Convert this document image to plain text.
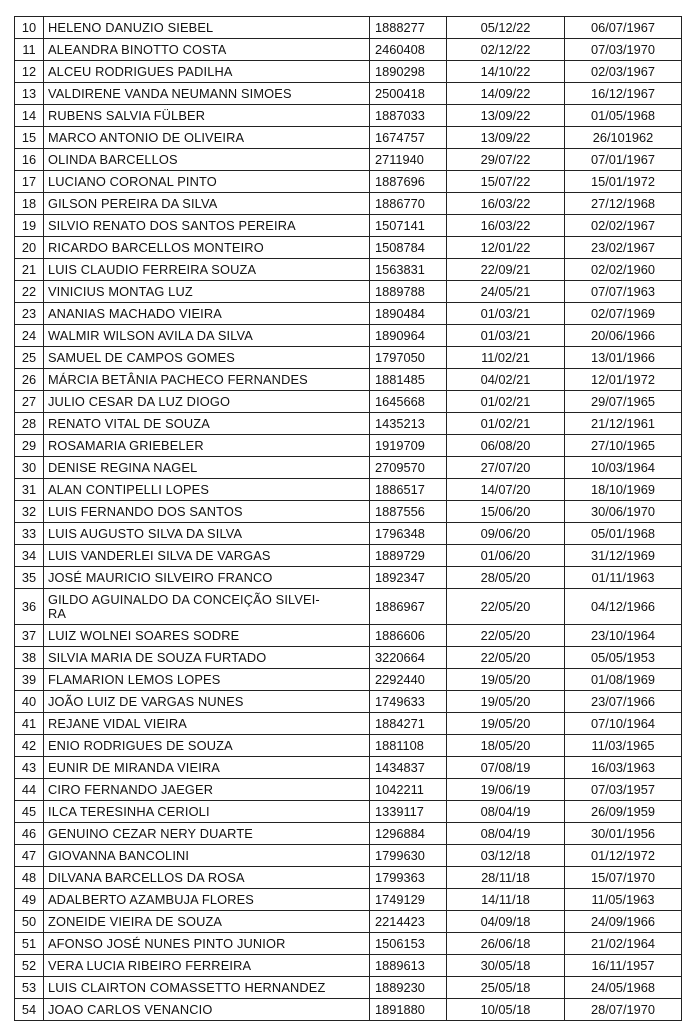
10	HELENO DANUZIO SIEBEL	1888277	05/12/22	06/07/1967
11	ALEANDRA BINOTTO COSTA	2460408	02/12/22	07/03/1970
12	ALCEU RODRIGUES PADILHA	1890298	14/10/22	02/03/1967
13	VALDIRENE VANDA NEUMANN SIMOES	2500418	14/09/22	16/12/1967
14	RUBENS SALVIA FÜLBER	1887033	13/09/22	01/05/1968
15	MARCO ANTONIO DE OLIVEIRA	1674757	13/09/22	26/101962
16	OLINDA BARCELLOS	2711940	29/07/22	07/01/1967
17	LUCIANO CORONAL PINTO	1887696	15/07/22	15/01/1972
18	GILSON PEREIRA DA SILVA	1886770	16/03/22	27/12/1968
19	SILVIO RENATO DOS SANTOS PEREIRA	1507141	16/03/22	02/02/1967
20	RICARDO BARCELLOS MONTEIRO	1508784	12/01/22	23/02/1967
21	LUIS CLAUDIO FERREIRA SOUZA	1563831	22/09/21	02/02/1960
22	VINICIUS MONTAG LUZ	1889788	24/05/21	07/07/1963
23	ANANIAS MACHADO VIEIRA	1890484	01/03/21	02/07/1969
24	WALMIR WILSON AVILA DA SILVA	1890964	01/03/21	20/06/1966
25	SAMUEL DE CAMPOS GOMES	1797050	11/02/21	13/01/1966
26	MÁRCIA BETÂNIA PACHECO FERNANDES	1881485	04/02/21	12/01/1972
27	JULIO CESAR DA LUZ DIOGO	1645668	01/02/21	29/07/1965
28	RENATO VITAL DE SOUZA	1435213	01/02/21	21/12/1961
29	ROSAMARIA GRIEBELER	1919709	06/08/20	27/10/1965
30	DENISE REGINA NAGEL	2709570	27/07/20	10/03/1964
31	ALAN CONTIPELLI LOPES	1886517	14/07/20	18/10/1969
32	LUIS FERNANDO DOS SANTOS	1887556	15/06/20	30/06/1970
33	LUIS AUGUSTO SILVA DA SILVA	1796348	09/06/20	05/01/1968
34	LUIS VANDERLEI SILVA DE VARGAS	1889729	01/06/20	31/12/1969
35	JOSÉ MAURICIO SILVEIRO FRANCO	1892347	28/05/20	01/11/1963
36	GILDO AGUINALDO DA CONCEIÇÃO SILVEI-
RA	1886967	22/05/20	04/12/1966
37	LUIZ WOLNEI SOARES SODRE	1886606	22/05/20	23/10/1964
38	SILVIA MARIA DE SOUZA FURTADO	3220664	22/05/20	05/05/1953
39	FLAMARION LEMOS LOPES	2292440	19/05/20	01/08/1969
40	JOÃO LUIZ DE VARGAS NUNES	1749633	19/05/20	23/07/1966
41	REJANE VIDAL VIEIRA	1884271	19/05/20	07/10/1964
42	ENIO RODRIGUES DE SOUZA	1881108	18/05/20	11/03/1965
43	EUNIR DE MIRANDA VIEIRA	1434837	07/08/19	16/03/1963
44	CIRO FERNANDO JAEGER	1042211	19/06/19	07/03/1957
45	ILCA TERESINHA CERIOLI	1339117	08/04/19	26/09/1959
46	GENUINO CEZAR NERY DUARTE	1296884	08/04/19	30/01/1956
47	GIOVANNA BANCOLINI	1799630	03/12/18	01/12/1972
48	DILVANA BARCELLOS DA ROSA	1799363	28/11/18	15/07/1970
49	ADALBERTO AZAMBUJA FLORES	1749129	14/11/18	11/05/1963
50	ZONEIDE VIEIRA DE SOUZA	2214423	04/09/18	24/09/1966
51	AFONSO JOSÉ NUNES PINTO JUNIOR	1506153	26/06/18	21/02/1964
52	VERA LUCIA RIBEIRO FERREIRA	1889613	30/05/18	16/11/1957
53	LUIS CLAIRTON COMASSETTO HERNANDEZ	1889230	25/05/18	24/05/1968
54	JOAO CARLOS VENANCIO	1891880	10/05/18	28/07/1970
